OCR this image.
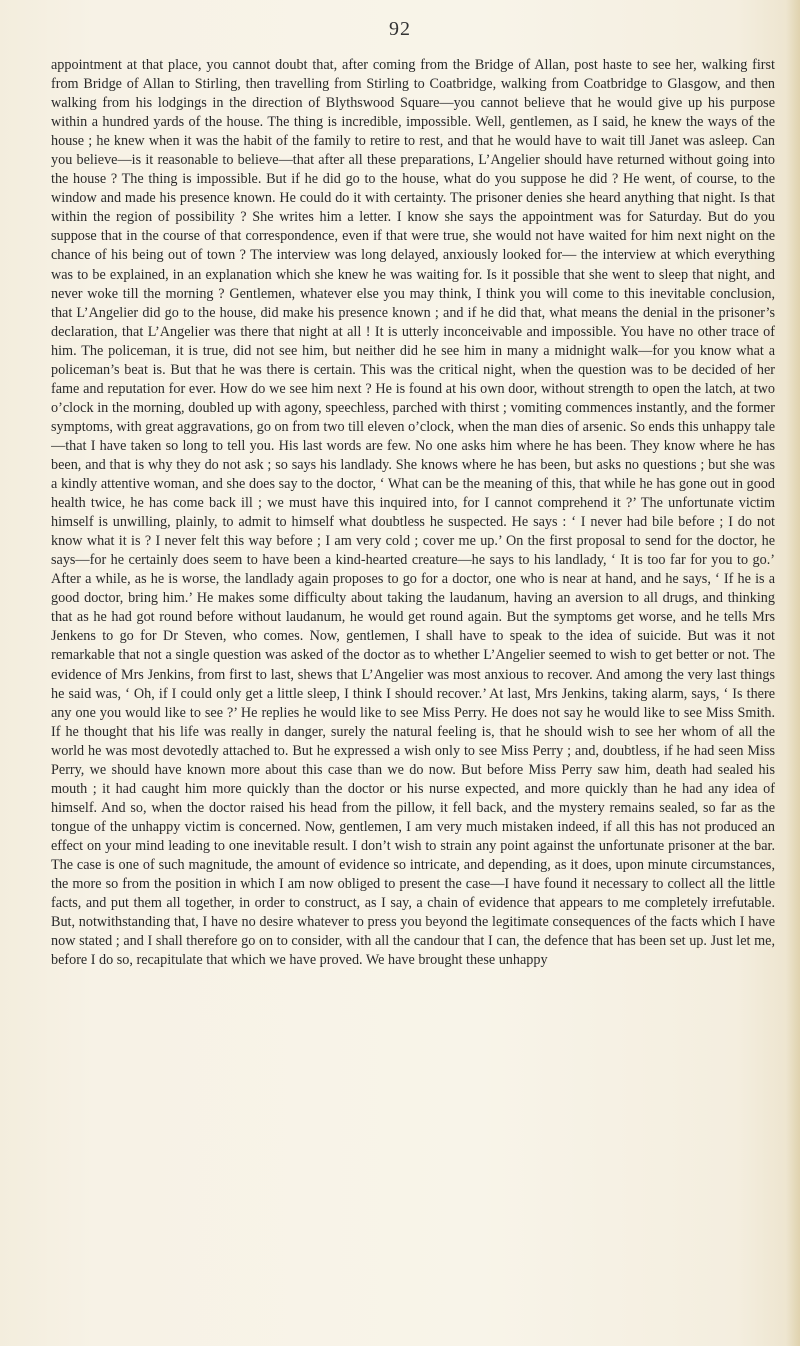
92

appointment at that place, you cannot doubt that, after coming from the Bridge of Allan, post haste to see her, walking first from Bridge of Allan to Stirling, then travelling from Stirling to Coatbridge, walking from Coatbridge to Glasgow, and then walking from his lodgings in the direction of Blythswood Square—you cannot believe that he would give up his purpose within a hundred yards of the house. The thing is incredible, impossible. Well, gentlemen, as I said, he knew the ways of the house ; he knew when it was the habit of the family to retire to rest, and that he would have to wait till Janet was asleep. Can you believe—is it reasonable to believe—that after all these preparations, L’Angelier should have returned without going into the house ? The thing is impossible. But if he did go to the house, what do you suppose he did ? He went, of course, to the window and made his presence known. He could do it with certainty. The prisoner denies she heard anything that night. Is that within the region of possibility ? She writes him a letter. I know she says the appointment was for Saturday. But do you suppose that in the course of that correspondence, even if that were true, she would not have waited for him next night on the chance of his being out of town ? The interview was long delayed, anxiously looked for— the interview at which everything was to be explained, in an explanation which she knew he was waiting for. Is it possible that she went to sleep that night, and never woke till the morning ? Gentlemen, whatever else you may think, I think you will come to this inevitable conclusion, that L’Angelier did go to the house, did make his presence known ; and if he did that, what means the denial in the prisoner’s declaration, that L’Angelier was there that night at all ! It is utterly inconceivable and impossible. You have no other trace of him. The policeman, it is true, did not see him, but neither did he see him in many a midnight walk—for you know what a policeman’s beat is. But that he was there is certain. This was the critical night, when the question was to be decided of her fame and reputation for ever. How do we see him next ? He is found at his own door, without strength to open the latch, at two o’clock in the morning, doubled up with agony, speechless, parched with thirst ; vomiting commences instantly, and the former symptoms, with great aggravations, go on from two till eleven o’clock, when the man dies of arsenic. So ends this unhappy tale —that I have taken so long to tell you. His last words are few. No one asks him where he has been. They know where he has been, and that is why they do not ask ; so says his landlady. She knows where he has been, but asks no questions ; but she was a kindly attentive woman, and she does say to the doctor, ‘ What can be the meaning of this, that while he has gone out in good health twice, he has come back ill ; we must have this inquired into, for I cannot comprehend it ?’ The unfortunate victim himself is unwilling, plainly, to admit to himself what doubtless he suspected. He says : ‘ I never had bile before ; I do not know what it is ? I never felt this way before ; I am very cold ; cover me up.’ On the first proposal to send for the doctor, he says—for he certainly does seem to have been a kind-hearted creature—he says to his landlady, ‘ It is too far for you to go.’ After a while, as he is worse, the landlady again proposes to go for a doctor, one who is near at hand, and he says, ‘ If he is a good doctor, bring him.’ He makes some difficulty about taking the laudanum, having an aversion to all drugs, and thinking that as he had got round before without laudanum, he would get round again. But the symptoms get worse, and he tells Mrs Jenkens to go for Dr Steven, who comes. Now, gentlemen, I shall have to speak to the idea of suicide. But was it not remarkable that not a single question was asked of the doctor as to whether L’Angelier seemed to wish to get better or not. The evidence of Mrs Jenkins, from first to last, shews that L’Angelier was most anxious to recover. And among the very last things he said was, ‘ Oh, if I could only get a little sleep, I think I should recover.’ At last, Mrs Jenkins, taking alarm, says, ‘ Is there any one you would like to see ?’ He replies he would like to see Miss Perry. He does not say he would like to see Miss Smith. If he thought that his life was really in danger, surely the natural feeling is, that he should wish to see her whom of all the world he was most devotedly attached to. But he expressed a wish only to see Miss Perry ; and, doubtless, if he had seen Miss Perry, we should have known more about this case than we do now. But before Miss Perry saw him, death had sealed his mouth ; it had caught him more quickly than the doctor or his nurse expected, and more quickly than he had any idea of himself. And so, when the doctor raised his head from the pillow, it fell back, and the mystery remains sealed, so far as the tongue of the unhappy victim is concerned. Now, gentlemen, I am very much mistaken indeed, if all this has not produced an effect on your mind leading to one inevitable result. I don’t wish to strain any point against the unfortunate prisoner at the bar. The case is one of such magnitude, the amount of evidence so intricate, and depending, as it does, upon minute circumstances, the more so from the position in which I am now obliged to present the case—I have found it necessary to collect all the little facts, and put them all together, in order to construct, as I say, a chain of evidence that appears to me completely irrefutable. But, notwithstanding that, I have no desire whatever to press you beyond the legitimate consequences of the facts which I have now stated ; and I shall therefore go on to consider, with all the candour that I can, the defence that has been set up. Just let me, before I do so, recapitulate that which we have proved. We have brought these unhappy
